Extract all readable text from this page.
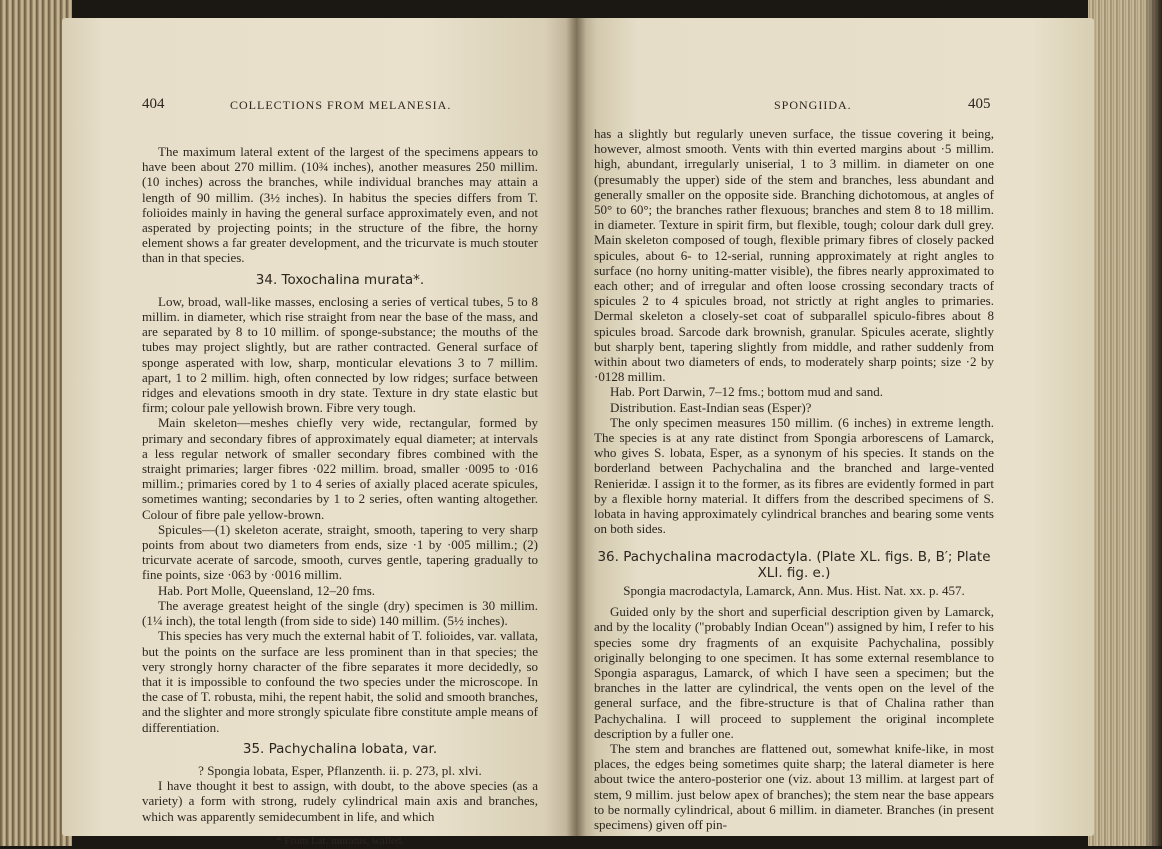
404	COLLECTIONS FROM MELANESIA.

The maximum lateral extent of the largest of the specimens appears to have been about 270 millim. (10¾ inches), another measures 250 millim. (10 inches) across the branches, while individual branches may attain a length of 90 millim. (3½ inches). In habitus the species differs from T. folioides mainly in having the general surface approximately even, and not asperated by projecting points; in the structure of the fibre, the horny element shows a far greater development, and the tricurvate is much stouter than in that species.

34. Toxochalina murata*.

Low, broad, wall-like masses, enclosing a series of vertical tubes, 5 to 8 millim. in diameter, which rise straight from near the base of the mass, and are separated by 8 to 10 millim. of sponge-substance; the mouths of the tubes may project slightly, but are rather contracted. General surface of sponge asperated with low, sharp, monticular elevations 3 to 7 millim. apart, 1 to 2 millim. high, often connected by low ridges; surface between ridges and elevations smooth in dry state. Texture in dry state elastic but firm; colour pale yellowish brown. Fibre very tough.

Main skeleton—meshes chiefly very wide, rectangular, formed by primary and secondary fibres of approximately equal diameter; at intervals a less regular network of smaller secondary fibres combined with the straight primaries; larger fibres ·022 millim. broad, smaller ·0095 to ·016 millim.; primaries cored by 1 to 4 series of axially placed acerate spicules, sometimes wanting; secondaries by 1 to 2 series, often wanting altogether. Colour of fibre pale yellow-brown.

Spicules—(1) skeleton acerate, straight, smooth, tapering to very sharp points from about two diameters from ends, size ·1 by ·005 millim.; (2) tricurvate acerate of sarcode, smooth, curves gentle, tapering gradually to fine points, size ·063 by ·0016 millim.

Hab. Port Molle, Queensland, 12–20 fms.

The average greatest height of the single (dry) specimen is 30 millim. (1¼ inch), the total length (from side to side) 140 millim. (5½ inches).

This species has very much the external habit of T. folioides, var. vallata, but the points on the surface are less prominent than in that species; the very strongly horny character of the fibre separates it more decidedly, so that it is impossible to confound the two species under the microscope. In the case of T. robusta, mihi, the repent habit, the solid and smooth branches, and the slighter and more strongly spiculate fibre constitute ample means of differentiation.

35. Pachychalina lobata, var.

? Spongia lobata, Esper, Pflanzenth. ii. p. 273, pl. xlvi.

I have thought it best to assign, with doubt, to the above species (as a variety) a form with strong, rudely cylindrical main axis and branches, which was apparently semidecumbent in life, and which

* From Lat. muratus, walled.
SPONGIIDA.	405

has a slightly but regularly uneven surface, the tissue covering it being, however, almost smooth. Vents with thin everted margins about ·5 millim. high, abundant, irregularly uniserial, 1 to 3 millim. in diameter on one (presumably the upper) side of the stem and branches, less abundant and generally smaller on the opposite side. Branching dichotomous, at angles of 50° to 60°; the branches rather flexuous; branches and stem 8 to 18 millim. in diameter. Texture in spirit firm, but flexible, tough; colour dark dull grey. Main skeleton composed of tough, flexible primary fibres of closely packed spicules, about 6- to 12-serial, running approximately at right angles to surface (no horny uniting-matter visible), the fibres nearly approximated to each other; and of irregular and often loose crossing secondary tracts of spicules 2 to 4 spicules broad, not strictly at right angles to primaries. Dermal skeleton a closely-set coat of subparallel spiculo-fibres about 8 spicules broad. Sarcode dark brownish, granular. Spicules acerate, slightly but sharply bent, tapering slightly from middle, and rather suddenly from within about two diameters of ends, to moderately sharp points; size ·2 by ·0128 millim.

Hab. Port Darwin, 7–12 fms.; bottom mud and sand.

Distribution. East-Indian seas (Esper)?

The only specimen measures 150 millim. (6 inches) in extreme length. The species is at any rate distinct from Spongia arborescens of Lamarck, who gives S. lobata, Esper, as a synonym of his species. It stands on the borderland between Pachychalina and the branched and large-vented Renieridæ. I assign it to the former, as its fibres are evidently formed in part by a flexible horny material. It differs from the described specimens of S. lobata in having approximately cylindrical branches and bearing some vents on both sides.

36. Pachychalina macrodactyla. (Plate XL. figs. B, B′; Plate XLI. fig. e.)

Spongia macrodactyla, Lamarck, Ann. Mus. Hist. Nat. xx. p. 457.

Guided only by the short and superficial description given by Lamarck, and by the locality ("probably Indian Ocean") assigned by him, I refer to his species some dry fragments of an exquisite Pachychalina, possibly originally belonging to one specimen. It has some external resemblance to Spongia asparagus, Lamarck, of which I have seen a specimen; but the branches in the latter are cylindrical, the vents open on the level of the general surface, and the fibre-structure is that of Chalina rather than Pachychalina. I will proceed to supplement the original incomplete description by a fuller one.

The stem and branches are flattened out, somewhat knife-like, in most places, the edges being sometimes quite sharp; the lateral diameter is here about twice the antero-posterior one (viz. about 13 millim. at largest part of stem, 9 millim. just below apex of branches); the stem near the base appears to be normally cylindrical, about 6 millim. in diameter. Branches (in present specimens) given off pin-
